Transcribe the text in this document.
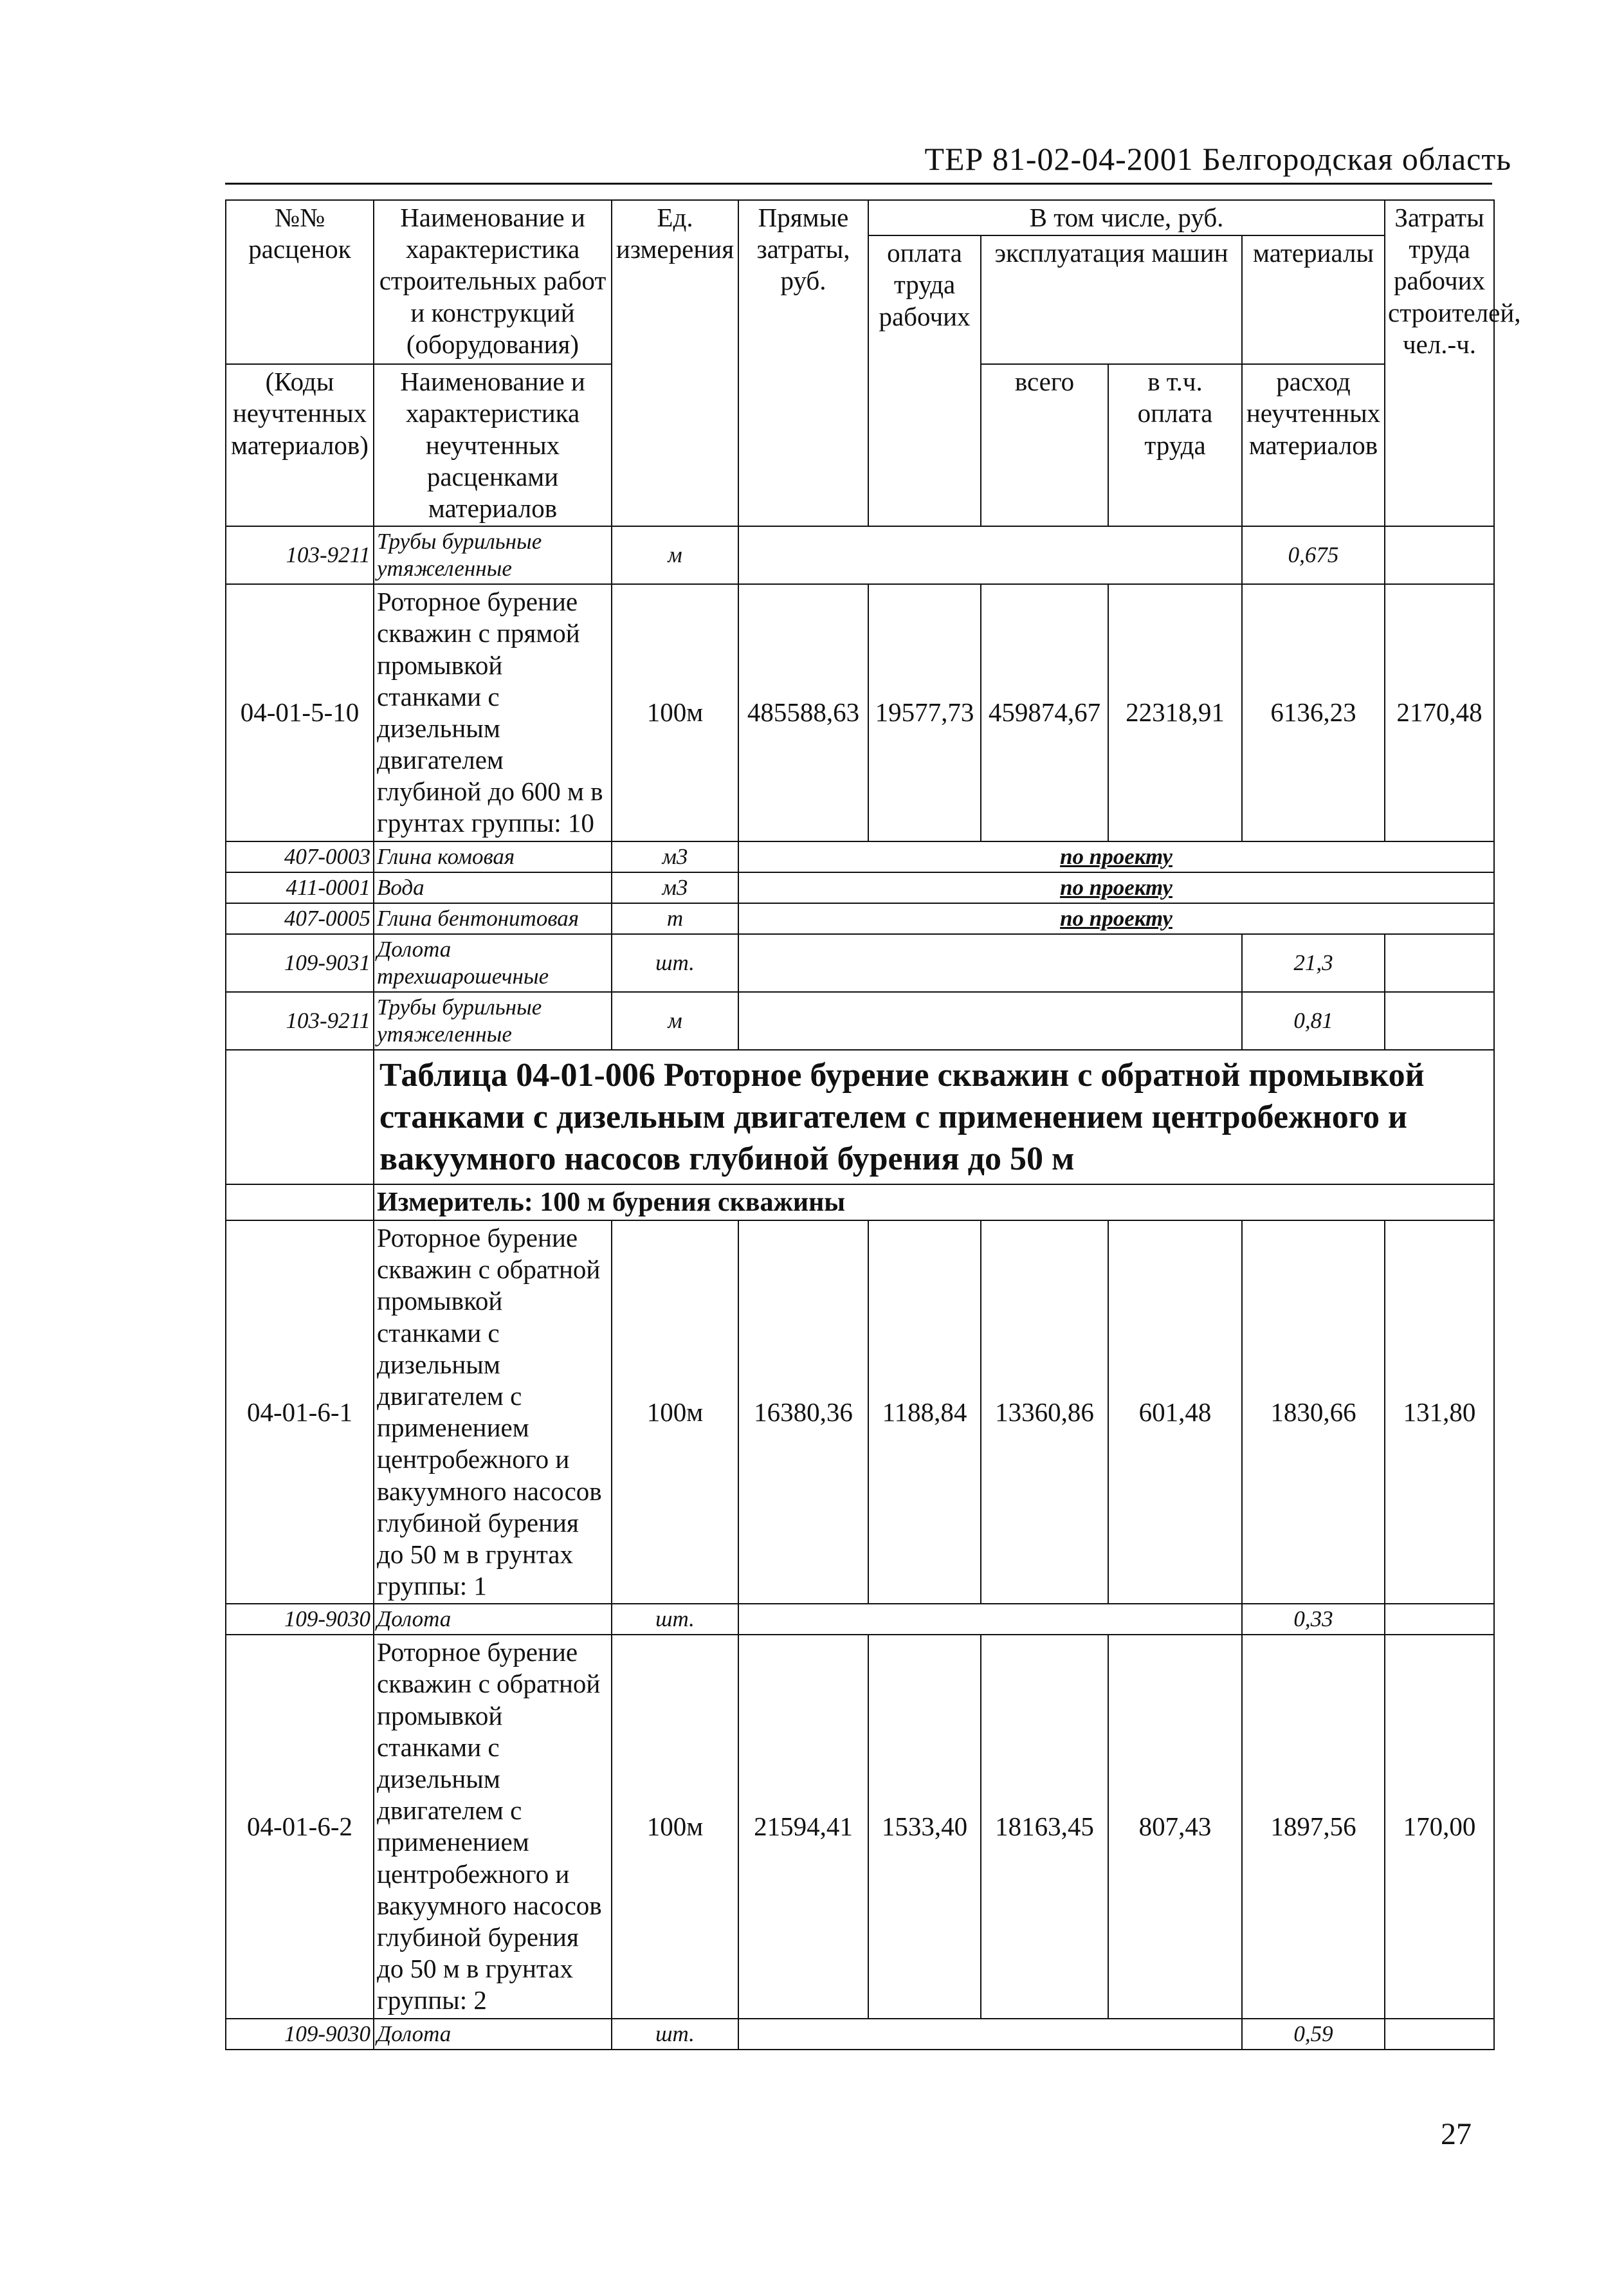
ТЕР 81-02-04-2001 Белгородская область
№№ расценок	Наименование и характеристика строительных работ и конструкций (оборудования)	Ед. измерения	Прямые затраты, руб.	В том числе, руб.				Затраты труда рабочих строителей, чел.-ч.
				оплата труда рабочих	эксплуатация машин		материалы	
(Коды неучтенных материалов)	Наименование и характеристика неучтенных расценками материалов				всего	в т.ч. оплата труда	расход неучтенных материалов	

103-9211	Трубы бурильные утяжеленные	м					0,675	
04-01-5-10	Роторное бурение скважин с прямой промывкой станками с дизельным двигателем глубиной до 600 м в грунтах группы: 10	100м	485588,63	19577,73	459874,67	22318,91	6136,23	2170,48
407-0003	Глина комовая	м3	по проекту					
411-0001	Вода	м3	по проекту					
407-0005	Глина бентонитовая	т	по проекту					
109-9031	Долота трехшарошечные	шт.					21,3	
103-9211	Трубы бурильные утяжеленные	м					0,81	
	Таблица 04-01-006 Роторное бурение скважин с обратной промывкой станками с дизельным двигателем с применением центробежного и вакуумного насосов глубиной бурения до 50 м							
	Измеритель: 100 м бурения скважины							
04-01-6-1	Роторное бурение скважин с обратной промывкой станками с дизельным двигателем с применением центробежного и вакуумного насосов глубиной бурения до 50 м в грунтах группы: 1	100м	16380,36	1188,84	13360,86	601,48	1830,66	131,80
109-9030	Долота	шт.					0,33	
04-01-6-2	Роторное бурение скважин с обратной промывкой станками с дизельным двигателем с применением центробежного и вакуумного насосов глубиной бурения до 50 м в грунтах группы: 2	100м	21594,41	1533,40	18163,45	807,43	1897,56	170,00
109-9030	Долота	шт.					0,59	
27
